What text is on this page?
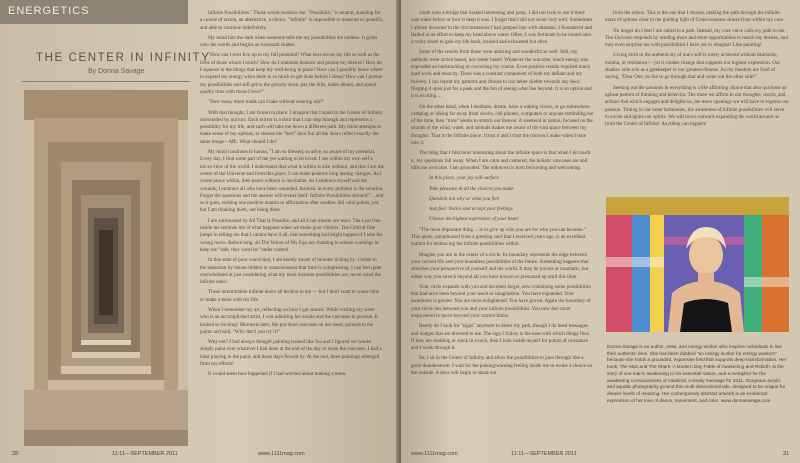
ENERGETICS
THE CENTER IN INFINITY
By Donna Savage

Infinite Possibilities." Those words swallow me. "Possibility" is neutral, standing for a course of action, an alternative, a choice. "Infinite" is impossible to measure or quantify, and able to continue indefinitely.

My mind hits the dark when someone tells me my possibilities are endless. It grabs onto the words and begins an incessant chatter.

"How can I ever live up to my full potential? What best serves my life as well as the lives of those whom I touch? How do I maintain balance and pursue my desires? How do I squeeze in the things that keep my well-being in place? How can I possibly know where to expend my energy when there is so much to get done before I sleep? How can I pursue my possibilities and still get to the grocery store, pay the bills, make dinner, and spend quality time with those I love?"

"How many more roads can I take without wearing out?"

With that thought, I am frozen in place. I imagine that I stand in the Center of Infinity surrounded by mirrors. Each mirror is a door that I can step through and represents a possibility for my life, and each will take me down a different path. My mind attempts to make sense of my options, to choose the "best" door but all the doors reflect exactly the same image—ME. What should I do?

My mind continues to harass, "I am so blessed, so alive, so aware of my potential. Every day, I find some part of me yet waiting to be loved. I see within my own self a micro view of the world. I understand that what is within is also without, and that I am the center of the Universe and from this place, I can make positive long lasting changes. As I create peace within, then peace without is inevitable. As I embrace myself and my wounds, I embrace all who have been wounded. Intrinsic in every problem is the solution. Forget the questions and the answer will reveal itself. Infinite Possibilities abound!" ...and so it goes, reciting one positive mantra or affirmation after another. All valid points, yet, but I am thinking them, not being them.

I am surrounded by All That Is Possible, and all I can muster are tears. The Lost One inside me reminds me of what happens when we make poor choices. The Critical One jumps in telling me that I cannot have it all, that something bad might happen if I take the wrong move. Before long, all The Voices of My Ego are chanting in unison warnings to keep me "safe, they word be "under control.

In this state of poor conviction, I am keenly aware of minutes ticking by. I relate to the sensation by means hidden in consciousness that time is compressing. I can feel quite overwhelmed at just considering what my most insistent possibilities are, never mind the infinite ones!

These intermittable infinite doors all beckon to me — but I don't want to waste time or make a mess with my life.

When I remember my art, reflecting on how I got started. While visiting my sister who is an accomplished artist, I was admiring her studio and the canvases in process. It looked so inviting! Moments later, Me put three canvases on her easel, pointed to the paints and said, "Why don't you try it?"

Why not? I had always thought painting looked like fun and I figured we would simply paint over whatever I had done at the end of the day to reuse the canvases. I had a blast playing in the paint, and those days flowed by. At the end, three paintings emerged from my efforts!

It would seem how happened if I had worried about making a mess.

28	11:11—SEPTEMBER 2011	www.1111mag.com

climb onto a bridge that looked interesting and jump. I did not look to see if there was water below or how it deep it was. I forgot that I did not swim very well. Sometimes I almost drowned in the circumstances I had jumped into with abandon. I floundered and flailed in an effort to keep my head above water. Often, I was fortunate to be tossed onto a rocky shore to gain my life back, bruised and exhausted but alive.

Some of the results from those were amazing and wonderful as well. Still, my methods were action based, not center based. Whatever the outcome, much energy was expended on backtracking or correcting my course. Even positive results required much hard work and tenacity. There was a constant component of both my defiant and my bravery. I can repeat my patterns and choose to run helter skelter towards any door, flinging it open just for a peek and the fun of seeing what lies beyond. It is an option and it is exciting....

On the other hand, when I meditate, dream, have a waking vision, or go somewhere camping or hiking far away from clocks, cell phones, computers or anyone reminding me of the time, then "time" seems to stretch out forever. A weekend in nature, focused on the sounds of the wind, water, and animals makes me aware of the vast space between my thoughts. That is the Infinite place. I trust it and I trust the choices I make when I tune into it.

The thing that I find most interesting about the infinite space is that when I do touch it, my questions fall away. When I am calm and centered, the holistic canvases are and hills me welcome. I am grounded. The unknown is both beckoning and welcoming.

In this place, your joy will surface

Take pleasure in all the choices you make

Question not why or what you feel

Just feel. Notice and accept your feelings

Choose the highest expression of your heart

"The most important thing ... is to give up who you are for who you can become." This quote, paraphrased from a greeting card that I received years ago, is an excellent mantra for embracing the infinite possibilities within.

Imagine you are in the center of a circle. Its boundary represents the edge between your current life and your boundless possibilities of the future. Something happens that stretches your perspective of yourself and the world. It may be joyous or traumatic, but either way you stretch beyond all you have known or presumed up until this time.

Your circle expands with you and becomes larger, now containing some possibilities that had once been beyond your reach or imagination. You have expanded. Your awareness is greater. You are more enlightened. You have grown. Again the boundary of your circle lies between you and your infinite possibilities. You now feel more empowered to move beyond your current limits.

Rarely do I look for "signs" anymore to direct my path, though I do heed messages and nudges that are directed to me. The sign I follow is the ease with which things flow. If they are sledding or stuck in a rock, then I look inside myself for points of resistance and I work through it.

So, I sit in the Center of Infinity and allow the possibilities to pass through like a great thunderstorm. I wait for the pulsing/wanting feeling inside me to evoke a choice on the outside. A door will begin to stand out

from the others. This is the one that I choose, making the path through the infinite maze of options clear to the guiding light of Consciousness shines from within my core.

No longer do I feel I am called to a path. Instead, my core voice calls my path to me. The Universe responds by sending more and more opportunities to match my desires, and may even surprise me with possibilities I have yet to imagine! Like painting!

Giving birth to the authenticity of one's self is rarely achieved without heartache, trauma, or resistance— yet it creates change that supports our highest expression. Our shadow side acts as a gatekeeper to our greatest dreams. As my mentors are fond of saying, "Dear One, its fun to go through that and come out the other side!"

Seeking out the passions in everything is a life affirming choice that also quickens an upbeat pattern of thinking and behavior. The more we affirm to our thoughts, words, and actions that which engages and delights us, the more openings we will have to express our passion. Timing in our inner harmonies, the awareness of infinite possibilities will serve to excite and ignite our spirits. We will move outward expanding the world around us from the Center of Infinity. Anything can happen!

Donna Savage is an author, artist, and energy worker who inspires individuals to live their authentic lives. She has been dubbed "an energy worker for energy workers" because she holds a grounded, expansive field that supports deep transformation. Her book, The Man and The Shark: A Modern Day Fable of Awakening and Rebirth, is the story of one man's awakening to his essential nature, and a metaphor for the awakening consciousness of mankind, a timely message for 2011. Gorgeous acrylic and aquatic photography ground this multi-dimensional tale, designed to be unique for deeper levels of meaning. Her contemporary abstract artwork is an exuberant expression of her love of dance, movement, and color. www.donnasavage.com
www.1111mag.com	11:11—SEPTEMBER 2011	31
